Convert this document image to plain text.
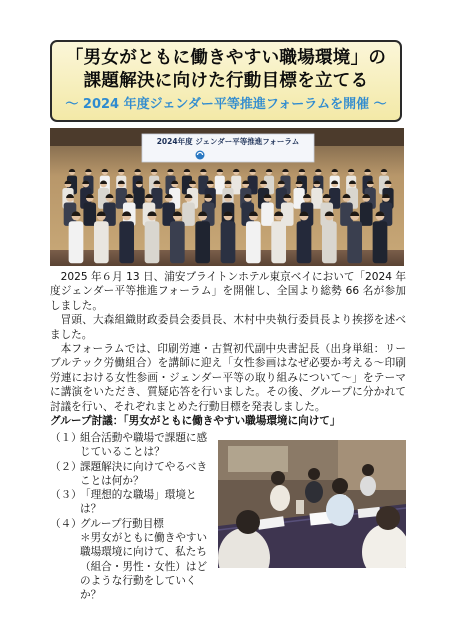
「男女がともに働きやすい職場環境」の
課題解決に向けた行動目標を立てる
～ 2024 年度ジェンダー平等推進フォーラムを開催 ～
2024年度 ジェンダー平等推進フォーラム

2025 年６月 13 日、浦安ブライトンホテル東京ベイにおいて「2024 年度ジェンダー平等推進フォーラム」を開催し、全国より総勢 66 名が参加しました。

冒頭、大森組織財政委員会委員長、木村中央執行委員長より挨拶を述べました。

本フォーラムでは、印刷労連・古賀初代副中央書記長（出身単組：リーブルテック労働組合）を講師に迎え「女性参画はなぜ必要か考える～印刷労連における女性参画・ジェンダー平等の取り組みについて～」をテーマに講演をいただき、質疑応答を行いました。その後、グループに分かれて討議を行い、それぞれまとめた行動目標を発表しました。

グループ討議：「男女がともに働きやすい職場環境に向けて」
（１）
組合活動や職場で課題に感じていることは？
（２）
課題解決に向けてやるべきことは何か？
（３）
「理想的な職場」環境とは？
（４）
グループ行動目標
＊男女がともに働きやすい職場環境に向けて、私たち（組合・男性・女性）はどのような行動をしていくか？
